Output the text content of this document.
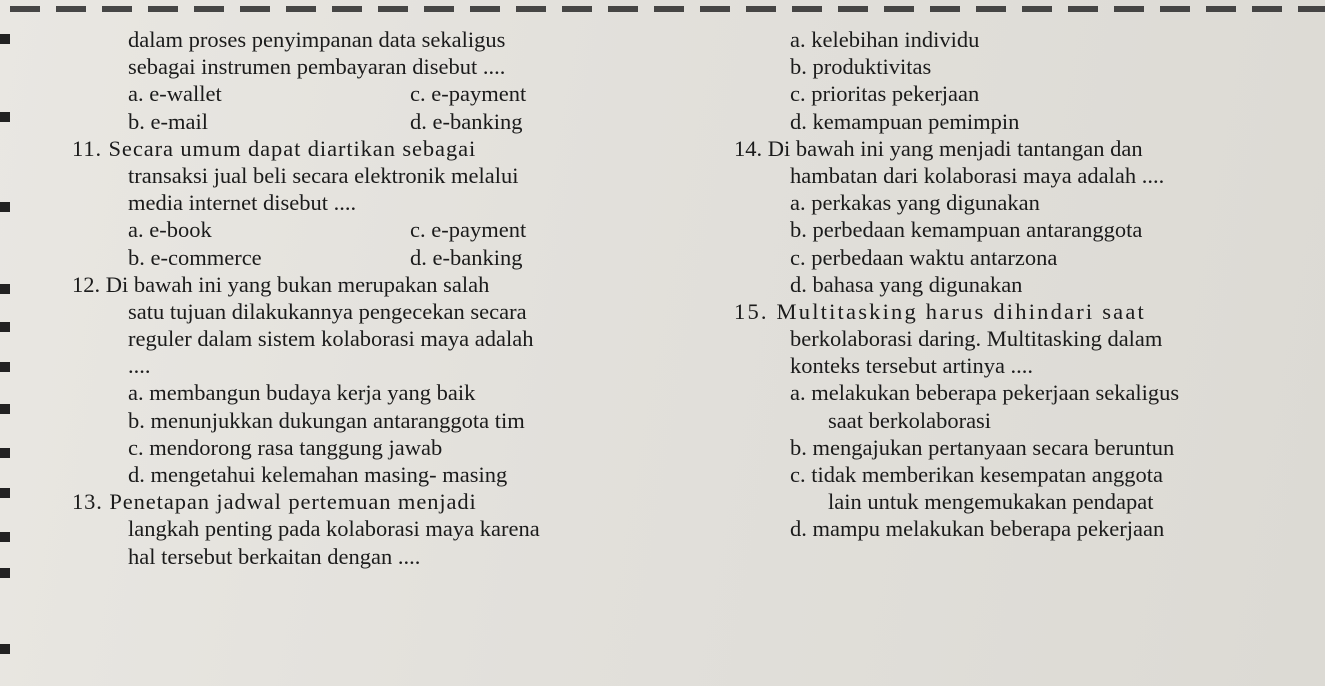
dalam proses penyimpanan data sekaligus
sebagai instrumen pembayaran disebut ....
a. e-wallet	c. e-payment
b. e-mail	d. e-banking
11. Secara umum dapat diartikan sebagai
transaksi jual beli secara elektronik melalui
media internet disebut ....
a. e-book	c. e-payment
b. e-commerce	d. e-banking
12. Di bawah ini yang bukan merupakan salah
satu tujuan dilakukannya pengecekan secara
reguler dalam sistem kolaborasi maya adalah
....
a. membangun budaya kerja yang baik
b. menunjukkan dukungan antaranggota tim
c. mendorong rasa tanggung jawab
d. mengetahui kelemahan masing- masing
13. Penetapan jadwal pertemuan menjadi
langkah penting pada kolaborasi maya karena
hal tersebut berkaitan dengan ....
a. kelebihan individu
b. produktivitas
c. prioritas pekerjaan
d. kemampuan pemimpin
14. Di bawah ini yang menjadi tantangan dan
hambatan dari kolaborasi maya adalah ....
a. perkakas yang digunakan
b. perbedaan kemampuan antaranggota
c. perbedaan waktu antarzona
d. bahasa yang digunakan
15. Multitasking harus dihindari saat
berkolaborasi daring. Multitasking dalam
konteks tersebut artinya ....
a. melakukan beberapa pekerjaan sekaligus
saat berkolaborasi
b. mengajukan pertanyaan secara beruntun
c. tidak memberikan kesempatan anggota
lain untuk mengemukakan pendapat
d. mampu melakukan beberapa pekerjaan
